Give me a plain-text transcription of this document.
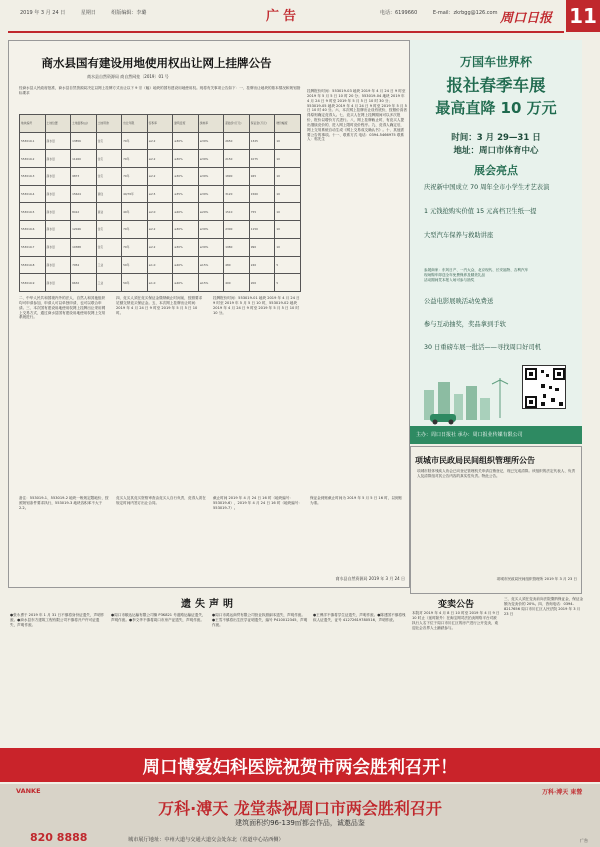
2019 年 3 月 24 日	星期日	组版编辑：李璐	广告	电话：6199660	E-mail：zkrbgg@126.com 周口日报 11
商水县国有建设用地使用权出让网上挂牌公告
商水县自然资源局 商自然网挂〔2019〕01 号
经商水县人民政府批准，商水县自然资源局决定以网上挂牌方式出让以下 9 宗（幅）地块的国有建设用地使用权。现将有关事项公告如下：一、挂牌出让地块的基本情况和规划指标要求
地块编号	土地位置	土地面积(㎡)	土地用途	出让年限	容积率	建筑密度	绿地率	起始价(万元)	保证金(万元)	增价幅度
553019-1	商水县	13856	住宅	70年	≤2.2	≤30%	≥30%	2650	1325	10
553019-2	商水县	11260	住宅	70年	≤2.2	≤30%	≥30%	2150	1075	10
553019-3	商水县	9873	住宅	70年	≤2.2	≤30%	≥30%	1890	945	10
553019-4	商水县	15624	商住	40/70年	≤2.5	≤35%	≥30%	3120	1560	10
553019-5	商水县	8412	商业	40年	≤2.0	≤40%	≥20%	1510	755	10
553019-6	商水县	12046	住宅	70年	≤2.2	≤30%	≥30%	2300	1150	10
553019-7	商水县	10388	住宅	70年	≤2.2	≤30%	≥30%	1980	990	10
553019-8	商水县	7954	工业	50年	≥1.0	≥40%	≤15%	480	240	5
553019-9	商水县	6632	工业	50年	≥1.0	≥40%	≤15%	400	200	5
二、中华人民共和国境内外的法人、自然人和其他组织均可申请参加，申请人可以单独申请，也可以联合申请。三、本次国有建设用地使用权网上挂牌出让采用网上交易方式，通过商水县国有建设用地使用权网上交易系统进行。
四、竞买人须在竞买保证金缴纳截止时间前，按照要求足额交纳竞买保证金。五、本次网上挂牌出让时间：2019 年 4 月 24 日 9 时至 2019 年 5 月 5 日 10 时。
挂牌报价时间：553019-01 地块 2019 年 4 月 24 日 9 时至 2019 年 5 月 5 日 10 时，553019-02 地块 2019 年 4 月 24 日 9 时至 2019 年 5 月 5 日 10 时 10 分。
挂牌报价时间：553019-03 地块 2019 年 4 月 24 日 9 时至 2019 年 5 月 5 日 10 时 20 分；553019-04 地块 2019 年 4 月 24 日 9 时至 2019 年 5 月 5 日 10 时 30 分；553019-05 地块 2019 年 4 月 24 日 9 时至 2019 年 5 月 5 日 10 时 40 分。六、本次网上挂牌出让设有底价，按照价高者得原则确定竞得人。七、竞买人在网上挂牌期间可以多次报价，报价以增价方式进行。八、网上挂牌截止时，有竞买人提出继续竞价的，进入网上限时竞价程序。九、竞得人确定后，网上交易系统自动生成《网上交易成交确认书》。十、其他需要公告的事项。十一、联系方式 电话：0394-5466975 联系人：郭先生
备注：553019-1、553019-2 地块一般规定限地价，按照规划条件要求执行，553019-3 地块容积率不大于 2.2。
竞买人及其竞买资格审查由竞买人自行负责，竞得人须在规定时间内签订出让合同。
截止时间 2019 年 4 月 24 日 16 时（地块编号：553019-6），2019 年 4 月 24 日 16 时（地块编号：553019-7）。
保证金到账截止时间为 2019 年 5 月 5 日 16 时，以到账为准。
商水县自然资源局 2019 年 3 月 24 日
万国车世界杯
报社春季车展
最高直降 10 万元
时间：3 月 29—31 日
地址：周口市体育中心
展会亮点
庆祝新中国成立 70 周年全市小学生才艺表演
1 元钱抢购实价值 15 元高档卫生纸一提
大型汽车保养与救助讲座
参展商家：东风日产、一汽大众、北京现代、长安福特、吉利汽车
现场购车即送全年免费保养及精美礼品
活动期间凭本报入场可参与抽奖
公益电影展映活动免费送
参与互动抽奖，奖品拿到手软
30 日重磅车展一批活——寻找周口好司机
主办：周口日报社 承办：周口报业传媒有限公司
项城市民政局民间组织管理所公告
项城市肢体残疾人协会已向登记管理机关申请注销登记，现已完成清算。该组织的法定代表人、负责人及清算组对其公告内容的真实性负责。特此公告。
项城市民政局民间组织管理所 2019 年 3 月 23 日
遗失声明
●张永勇于 2019 年 1 月 31 日不慎将身份证遗失，声明作废。●商水县东方建筑工程有限公司不慎将开户许可证遗失，声明作废。
●周口市顺达运输有限公司豫 P3K821 号道路运输证遗失，声明作废。●李文华不慎将周口市房产证遗失，声明作废。
●周口市鸿运商贸有限公司营业执照副本遗失，声明作废。●王雪不慎将出生医学证明遗失，编号 P410012345，声明作废。
●王博洋不慎将学生证遗失，声明作废。●陈建国不慎将残疾人证遗失，证号 41272619780516，声明作废。
变卖公告
本院对 2019 年 4 月 8 日 10 时至 2019 年 4 月 9 日 10 时止（延时除外）在淘宝网司法拍卖网络平台对被执行人名下位于周口市川汇区的房产进行公开变卖，欢迎社会各界人士踊跃参与。
三、竞买人须在变卖前向法院缴纳保证金，保证金额为变卖价的 20%。四、咨询电话：0394-8217656 周口市川汇区人民法院 2019 年 3 月 23 日
周口博爱妇科医院祝贺市两会胜利召开！
VANKE	万科·溥天 東營
万科·溥天 龙堂恭祝周口市两会胜利召开
建筑面积约96-139㎡都会作品，诚邀品鉴
820 8888	城市展厅地址：中州大道与交通大道交会处东北（省道中心站西侧）	广告
